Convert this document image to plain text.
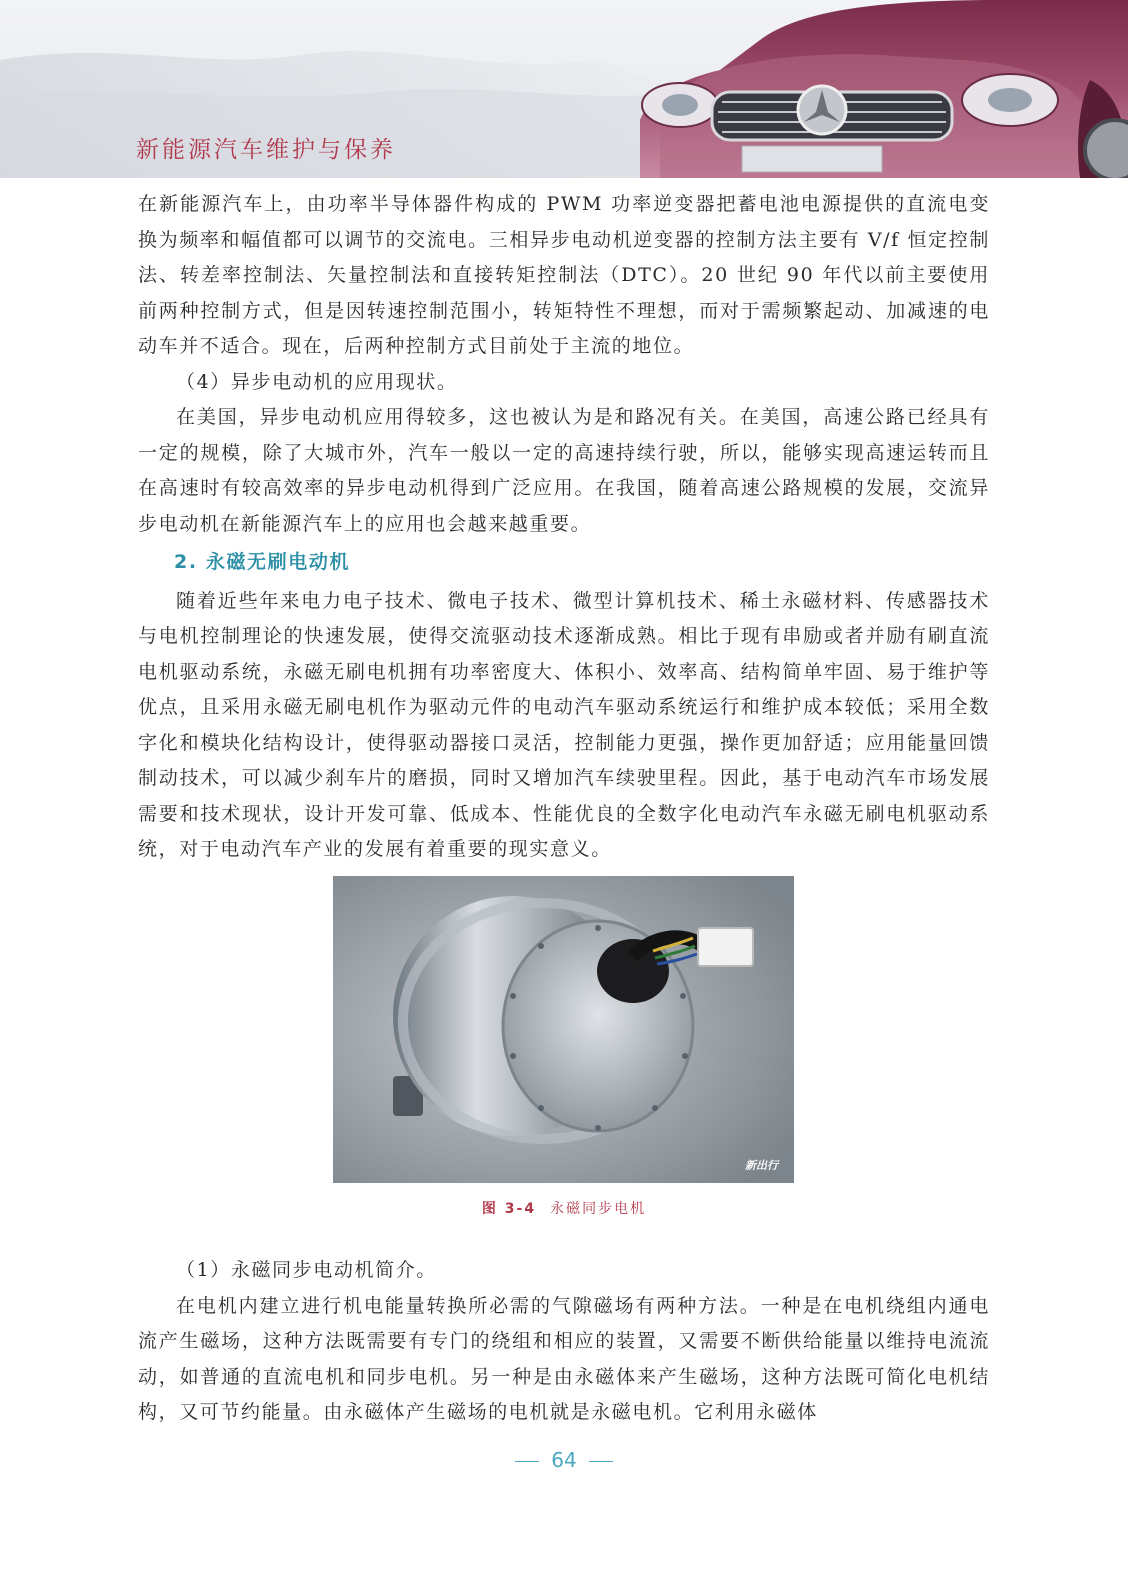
新能源汽车维护与保养

在新能源汽车上，由功率半导体器件构成的 PWM 功率逆变器把蓄电池电源提供的直流电变换为频率和幅值都可以调节的交流电。三相异步电动机逆变器的控制方法主要有 V/f 恒定控制法、转差率控制法、矢量控制法和直接转矩控制法（DTC）。20 世纪 90 年代以前主要使用前两种控制方式，但是因转速控制范围小，转矩特性不理想，而对于需频繁起动、加减速的电动车并不适合。现在，后两种控制方式目前处于主流的地位。

（4）异步电动机的应用现状。

在美国，异步电动机应用得较多，这也被认为是和路况有关。在美国，高速公路已经具有一定的规模，除了大城市外，汽车一般以一定的高速持续行驶，所以，能够实现高速运转而且在高速时有较高效率的异步电动机得到广泛应用。在我国，随着高速公路规模的发展，交流异步电动机在新能源汽车上的应用也会越来越重要。

2. 永磁无刷电动机

随着近些年来电力电子技术、微电子技术、微型计算机技术、稀土永磁材料、传感器技术与电机控制理论的快速发展，使得交流驱动技术逐渐成熟。相比于现有串励或者并励有刷直流电机驱动系统，永磁无刷电机拥有功率密度大、体积小、效率高、结构简单牢固、易于维护等优点，且采用永磁无刷电机作为驱动元件的电动汽车驱动系统运行和维护成本较低；采用全数字化和模块化结构设计，使得驱动器接口灵活，控制能力更强，操作更加舒适；应用能量回馈制动技术，可以减少刹车片的磨损，同时又增加汽车续驶里程。因此，基于电动汽车市场发展需要和技术现状，设计开发可靠、低成本、性能优良的全数字化电动汽车永磁无刷电机驱动系统，对于电动汽车产业的发展有着重要的现实意义。

新出行
图 3-4 永磁同步电机

（1）永磁同步电动机简介。

在电机内建立进行机电能量转换所必需的气隙磁场有两种方法。一种是在电机绕组内通电流产生磁场，这种方法既需要有专门的绕组和相应的装置，又需要不断供给能量以维持电流流动，如普通的直流电机和同步电机。另一种是由永磁体来产生磁场，这种方法既可简化电机结构，又可节约能量。由永磁体产生磁场的电机就是永磁电机。它利用永磁体

64
